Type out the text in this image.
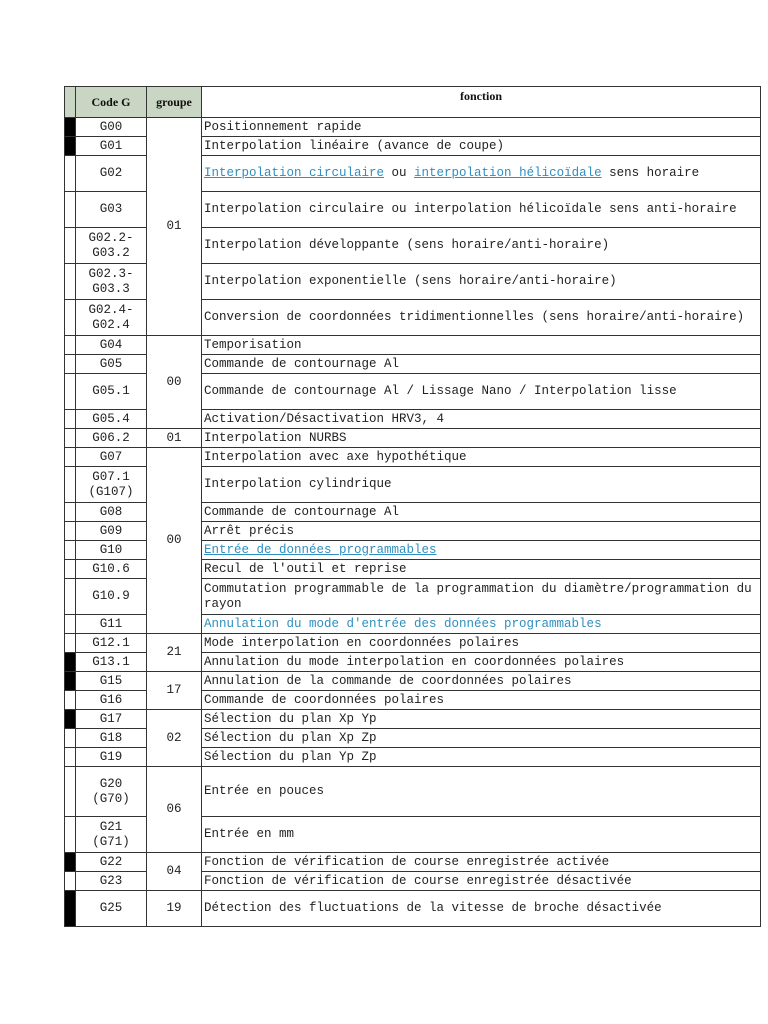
	Code G	groupe	fonction
	G00	01	Positionnement rapide
	G01		Interpolation linéaire (avance de coupe)
	G02		Interpolation circulaire ou interpolation hélicoïdale sens horaire
	G03		Interpolation circulaire ou interpolation hélicoïdale sens anti-horaire
	G02.2- G03.2		Interpolation développante (sens horaire/anti-horaire)
	G02.3- G03.3		Interpolation exponentielle (sens horaire/anti-horaire)
	G02.4- G02.4		Conversion de coordonnées tridimentionnelles (sens horaire/anti-horaire)
	G04	00	Temporisation
	G05		Commande de contournage Al
	G05.1		Commande de contournage Al / Lissage Nano / Interpolation lisse
	G05.4		Activation/Désactivation HRV3, 4
	G06.2	01	Interpolation NURBS
	G07	00	Interpolation avec axe hypothétique
	G07.1 (G107)		Interpolation cylindrique
	G08		Commande de contournage Al
	G09		Arrêt précis
	G10		Entrée de données programmables
	G10.6		Recul de l'outil et reprise
	G10.9		Commutation programmable de la programmation du diamètre/programmation du rayon
	G11		Annulation du mode d'entrée des données programmables
	G12.1	21	Mode interpolation en coordonnées polaires
	G13.1		Annulation du mode interpolation en coordonnées polaires
	G15	17	Annulation de la commande de coordonnées polaires
	G16		Commande de coordonnées polaires
	G17	02	Sélection du plan Xp Yp
	G18		Sélection du plan Xp Zp
	G19		Sélection du plan Yp Zp
	G20 (G70)	06	Entrée en pouces
	G21 (G71)		Entrée en mm
	G22	04	Fonction de vérification de course enregistrée activée
	G23		Fonction de vérification de course enregistrée désactivée
	G25	19	Détection des fluctuations de la vitesse de broche désactivée
